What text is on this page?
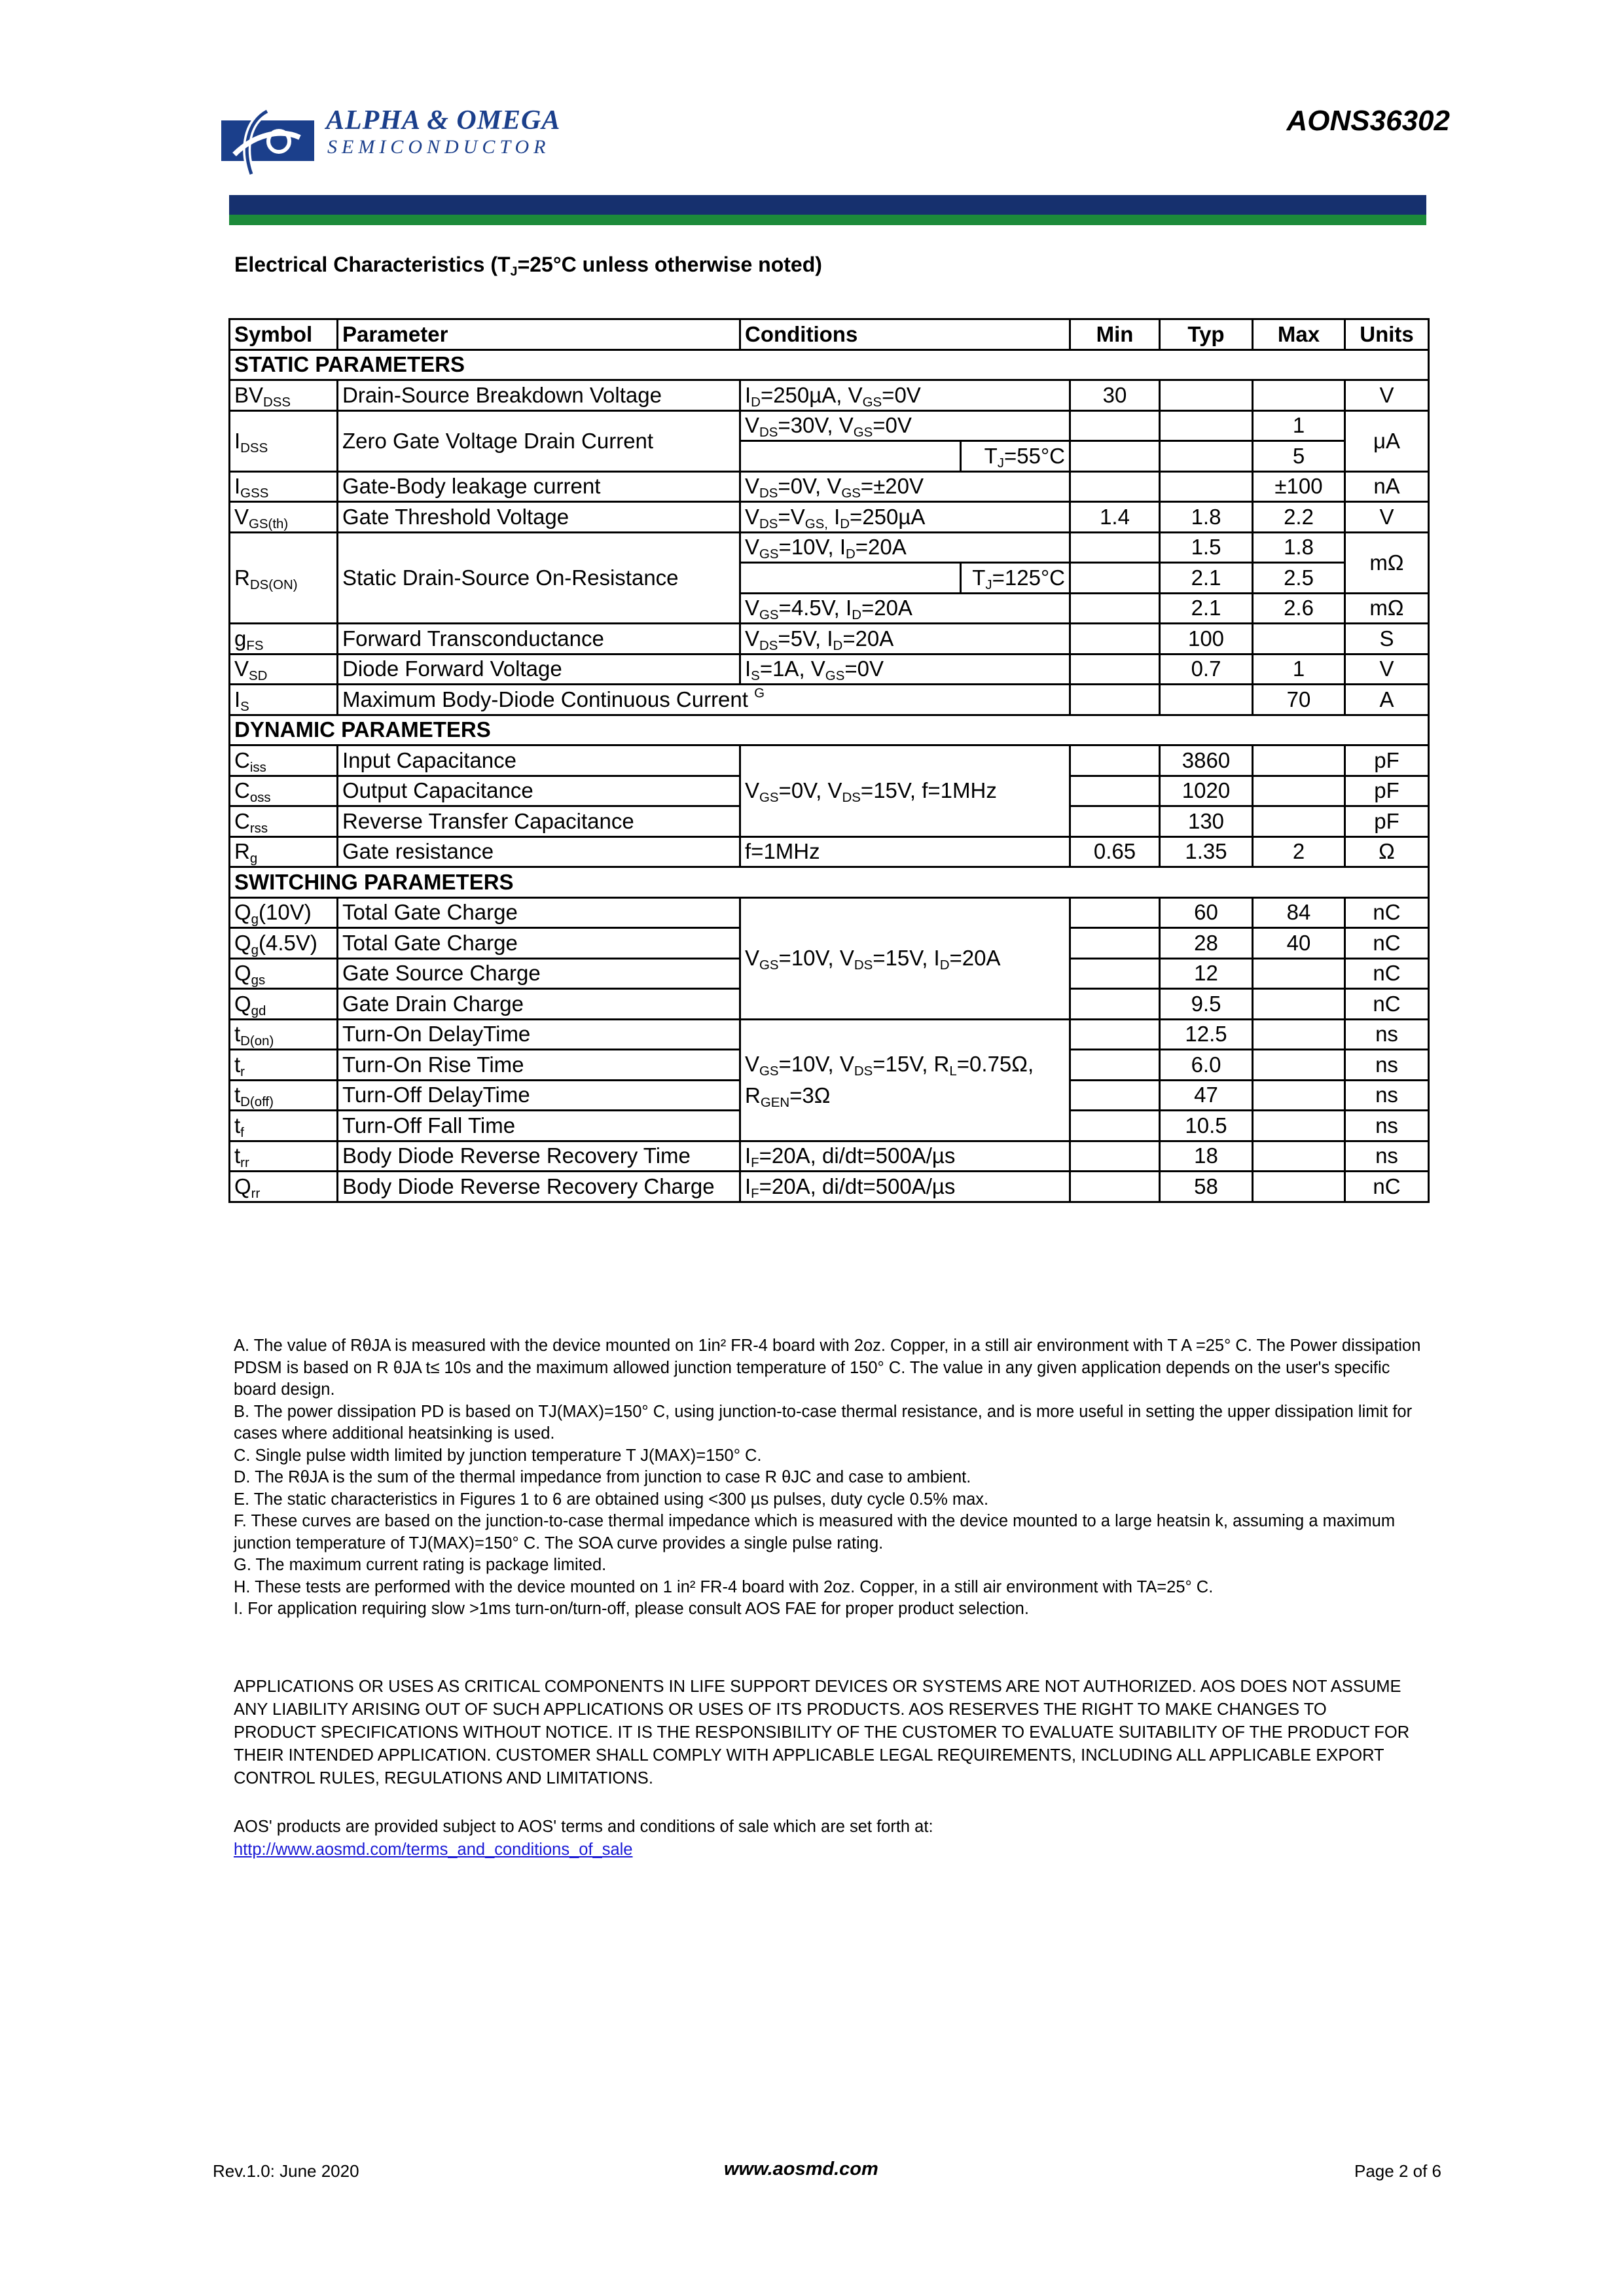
ALPHA & OMEGA
SEMICONDUCTOR
AONS36302
Electrical Characteristics ($T_J=25^\circ C$ unless otherwise noted)
Symbol	Parameter	Conditions		Min	Typ	Max	Units
STATIC PARAMETERS							
$BV_{DSS}$	Drain-Source Breakdown Voltage	$I_D=250\mu A$, $V_{GS}=0V$		30			V
$I_{DSS}$	Zero Gate Voltage Drain Current	$V_{DS}=30V$, $V_{GS}=0V$				1	μA
			$T_J=55^\circ C$			5	
$I_{GSS}$	Gate-Body leakage current	$V_{DS}=0V$, $V_{GS}=\pm 20V$				±100	nA
$V_{GS(th)}$	Gate Threshold Voltage	$V_{DS}=V_{GS,}$ $I_D=250\mu A$		1.4	1.8	2.2	V
$R_{DS(ON)}$	Static Drain-Source On-Resistance	$V_{GS}=10V$, $I_D=20A$			1.5	1.8	mΩ
			$T_J=125^\circ C$		2.1	2.5	
		$V_{GS}=4.5V$, $I_D=20A$			2.1	2.6	mΩ
$g_{FS}$	Forward Transconductance	$V_{DS}=5V$, $I_D=20A$			100		S
$V_{SD}$	Diode Forward Voltage	$I_S=1A$, $V_{GS}=0V$			0.7	1	V
$I_S$	Maximum Body-Diode Continuous Current $^G$					70	A
DYNAMIC PARAMETERS							
$C_{iss}$	Input Capacitance	$V_{GS}=0V$, $V_{DS}=15V$, f=1MHz			3860		pF
$C_{oss}$	Output Capacitance				1020		pF
$C_{rss}$	Reverse Transfer Capacitance				130		pF
$R_g$	Gate resistance	f=1MHz		0.65	1.35	2	Ω
SWITCHING PARAMETERS							
$Q_g(10V)$	Total Gate Charge	$V_{GS}=10V$, $V_{DS}=15V$, $I_D=20A$			60	84	nC
$Q_g(4.5V)$	Total Gate Charge				28	40	nC
$Q_{gs}$	Gate Source Charge				12		nC
$Q_{gd}$	Gate Drain Charge				9.5		nC
$t_{D(on)}$	Turn-On DelayTime	$V_{GS}=10V$, $V_{DS}=15V$, $R_L=0.75\Omega$, $R_{GEN}=3\Omega$			12.5		ns
$t_r$	Turn-On Rise Time				6.0		ns
$t_{D(off)}$	Turn-Off DelayTime				47		ns
$t_f$	Turn-Off Fall Time				10.5		ns
$t_{rr}$	Body Diode Reverse Recovery Time	$I_F=20A$, di/dt=500A/µs			18		ns
$Q_{rr}$	Body Diode Reverse Recovery Charge	$I_F=20A$, di/dt=500A/µs			58		nC

A. The value of RθJA is measured with the device mounted on 1in² FR-4 board with 2oz. Copper, in a still air environment with T A =25° C. The Power dissipation PDSM is based on R θJA t≤ 10s and the maximum allowed junction temperature of 150° C. The value in any given application depends on the user's specific board design.

B. The power dissipation PD is based on TJ(MAX)=150° C, using junction-to-case thermal resistance, and is more useful in setting the upper dissipation limit for cases where additional heatsinking is used.

C. Single pulse width limited by junction temperature T J(MAX)=150° C.

D. The RθJA is the sum of the thermal impedance from junction to case R θJC and case to ambient.

E. The static characteristics in Figures 1 to 6 are obtained using <300 µs pulses, duty cycle 0.5% max.

F. These curves are based on the junction-to-case thermal impedance which is measured with the device mounted to a large heatsin k, assuming a maximum junction temperature of TJ(MAX)=150° C. The SOA curve provides a single pulse rating.

G. The maximum current rating is package limited.

H. These tests are performed with the device mounted on 1 in² FR-4 board with 2oz. Copper, in a still air environment with TA=25° C.

I. For application requiring slow >1ms turn-on/turn-off, please consult AOS FAE for proper product selection.

APPLICATIONS OR USES AS CRITICAL COMPONENTS IN LIFE SUPPORT DEVICES OR SYSTEMS ARE NOT AUTHORIZED. AOS DOES NOT ASSUME ANY LIABILITY ARISING OUT OF SUCH APPLICATIONS OR USES OF ITS PRODUCTS. AOS RESERVES THE RIGHT TO MAKE CHANGES TO PRODUCT SPECIFICATIONS WITHOUT NOTICE. IT IS THE RESPONSIBILITY OF THE CUSTOMER TO EVALUATE SUITABILITY OF THE PRODUCT FOR THEIR INTENDED APPLICATION. CUSTOMER SHALL COMPLY WITH APPLICABLE LEGAL REQUIREMENTS, INCLUDING ALL APPLICABLE EXPORT CONTROL RULES, REGULATIONS AND LIMITATIONS.

AOS' products are provided subject to AOS' terms and conditions of sale which are set forth at:

http://www.aosmd.com/terms_and_conditions_of_sale
Rev.1.0: June 2020	www.aosmd.com	Page 2 of 6
